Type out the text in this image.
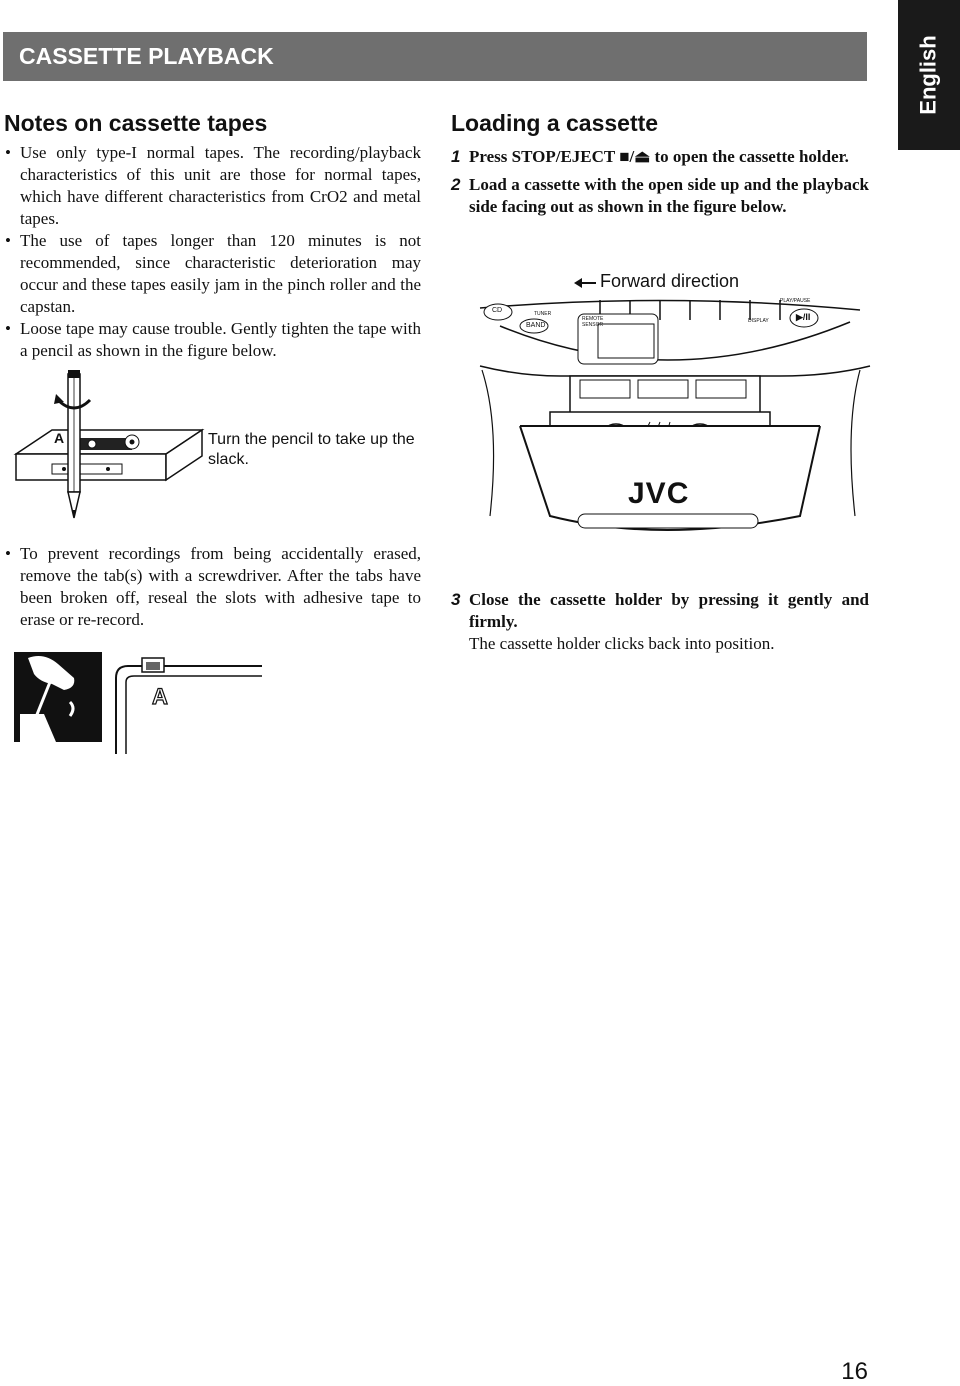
CASSETTE PLAYBACK	English
Notes on cassette tapes
• Use only type-I normal tapes. The recording/playback characteristics of this unit are those for normal tapes, which have different characteristics from CrO2 and metal tapes.
• The use of tapes longer than 120 minutes is not recommended, since characteristic deterioration may occur and these tapes easily jam in the pinch roller and the capstan.
• Loose tape may cause trouble. Gently tighten the tape with a pencil as shown in the figure below.
A	Turn the pencil to take up the slack.
• To prevent recordings from being accidentally erased, remove the tab(s) with a screwdriver. After the tabs have been broken off, reseal the slots with adhesive tape to erase or re-record.
A
Loading a cassette
1 Press STOP/EJECT ■/⏏ to open the cassette holder.
2 Load a cassette with the open side up and the playback side facing out as shown in the figure below.
Forward direction
CD	TUNER
BAND
REMOTE SENSOR
DISPLAY
PLAY/PAUSE
▶/II
JVC
3 Close the cassette holder by pressing it gently and firmly.
The cassette holder clicks back into position.
16
